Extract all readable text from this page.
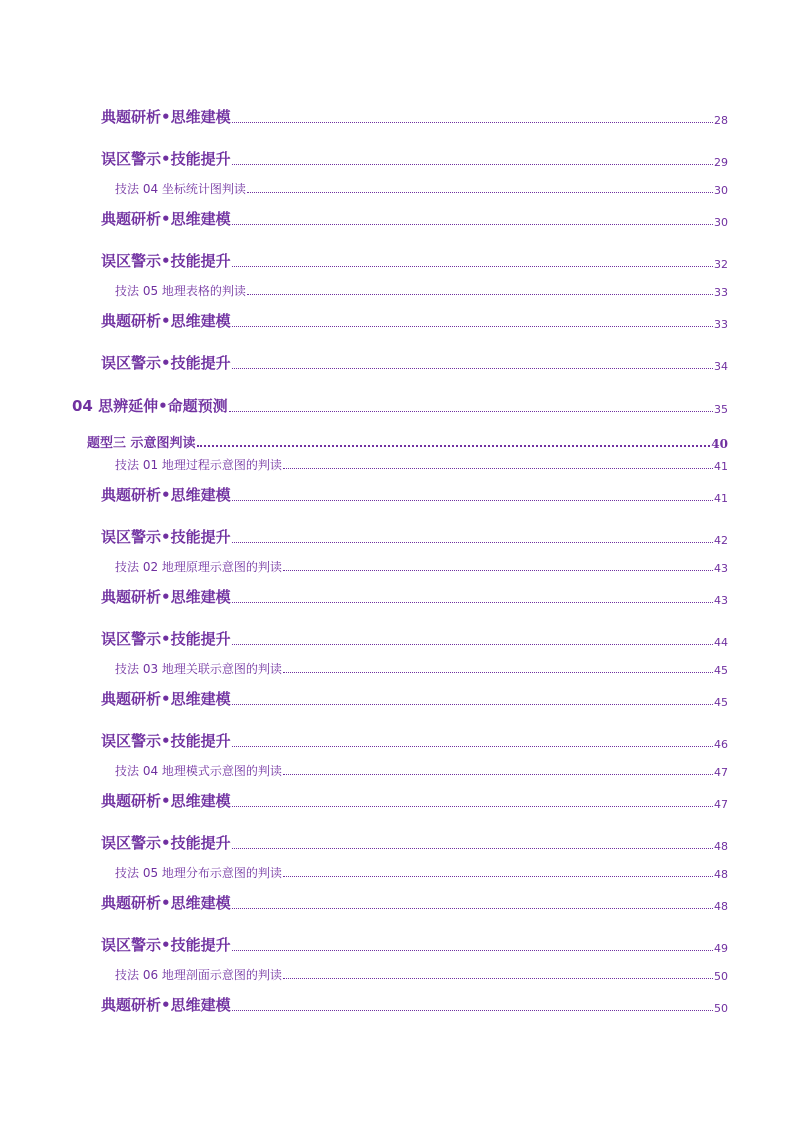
典题研析•思维建模	28
误区警示•技能提升	29
技法 04 坐标统计图判读	30
典题研析•思维建模	30
误区警示•技能提升	32
技法 05 地理表格的判读	33
典题研析•思维建模	33
误区警示•技能提升	34
04 思辨延伸•命题预测	35
题型三 示意图判读	40
技法 01 地理过程示意图的判读	41
典题研析•思维建模	41
误区警示•技能提升	42
技法 02 地理原理示意图的判读	43
典题研析•思维建模	43
误区警示•技能提升	44
技法 03 地理关联示意图的判读	45
典题研析•思维建模	45
误区警示•技能提升	46
技法 04 地理模式示意图的判读	47
典题研析•思维建模	47
误区警示•技能提升	48
技法 05 地理分布示意图的判读	48
典题研析•思维建模	48
误区警示•技能提升	49
技法 06 地理剖面示意图的判读	50
典题研析•思维建模	50
